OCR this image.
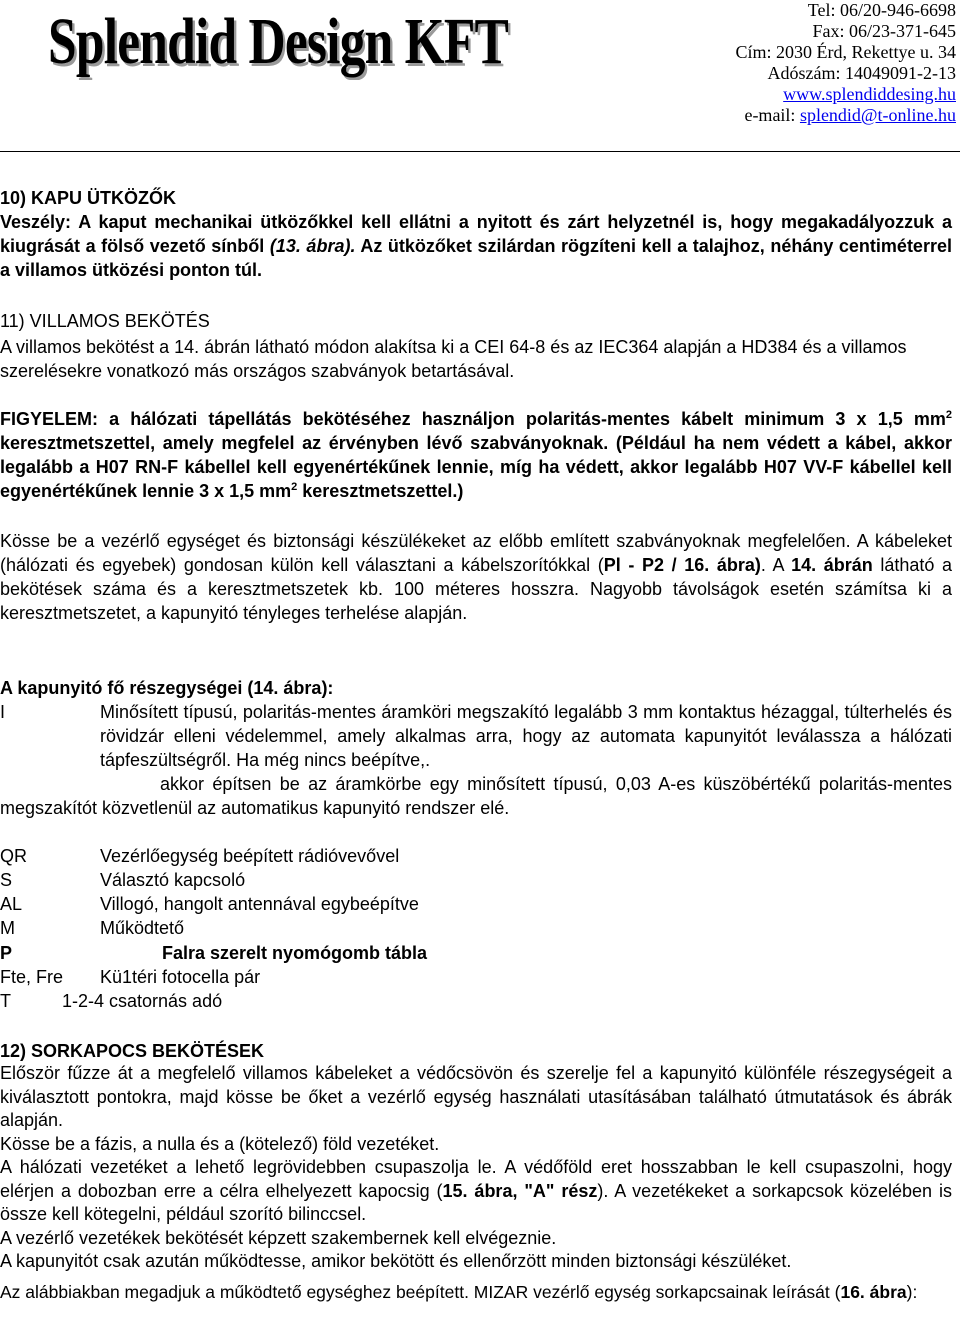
Splendid Design KFT	Tel: 06/20-946-6698
Fax: 06/23-371-645
Cím: 2030 Érd, Rekettye u. 34
Adószám: 14049091-2-13
www.splendiddesing.hu
e-mail: splendid@t-online.hu
10) KAPU ÜTKÖZŐK
Veszély: A kaput mechanikai ütközőkkel kell ellátni a nyitott és zárt helyzetnél is, hogy megakadályozzuk a kiugrását a fölső vezető sínből (13. ábra). Az ütközőket szilárdan rögzíteni kell a talajhoz, néhány centiméterrel a villamos ütközési ponton túl.
11) VILLAMOS BEKÖTÉS
A villamos bekötést a 14. ábrán látható módon alakítsa ki a CEI 64-8 és az IEC364 alapján a HD384 és a villamos szerelésekre vonatkozó más országos szabványok betartásával.
FIGYELEM: a hálózati tápellátás bekötéséhez használjon polaritás-mentes kábelt minimum 3 x 1,5 $mm^2$ keresztmetszettel, amely megfelel az érvényben lévő szabványoknak. (Például ha nem védett a kábel, akkor legalább a H07 RN-F kábellel kell egyenértékűnek lennie, míg ha védett, akkor legalább H07 VV-F kábellel kell egyenértékűnek lennie 3 x 1,5 $mm^2$ keresztmetszettel.)
Kösse be a vezérlő egységet és biztonsági készülékeket az előbb említett szabványoknak megfelelően. A kábeleket (hálózati és egyebek) gondosan külön kell választani a kábelszorítókkal (Pl - P2 / 16. ábra). A 14. ábrán látható a bekötések száma és a keresztmetszetek kb. 100 méteres hosszra. Nagyobb távolságok esetén számítsa ki a keresztmetszetet, a kapunyitó tényleges terhelése alapján.
A kapunyitó fő részegységei (14. ábra):
I	Minősített típusú, polaritás-mentes áramköri megszakító legalább 3 mm kontaktus hézaggal, túlterhelés és rövidzár elleni védelemmel, amely alkalmas arra, hogy az automata kapunyitót leválassza a hálózati tápfeszültségről. Ha még nincs beépítve,.
akkor építsen be az áramkörbe egy minősített típusú, 0,03 A-es küszöbértékű polaritás-mentes megszakítót közvetlenül az automatikus kapunyitó rendszer elé.
QR	Vezérlőegység beépített rádióvevővel
S	Választó kapcsoló
AL	Villogó, hangolt antennával egybeépítve
M	Működtető
P	Falra szerelt nyomógomb tábla
Fte, Fre Kü1téri fotocella pár
T	1-2-4 csatornás adó
12) SORKAPOCS BEKÖTÉSEK

Először fűzze át a megfelelő villamos kábeleket a védőcsövön és szerelje fel a kapunyitó különféle részegységeit a kiválasztott pontokra, majd kösse be őket a vezérlő egység használati utasításában található útmutatások és ábrák alapján.

Kösse be a fázis, a nulla és a (kötelező) föld vezetéket.

A hálózati vezetéket a lehető legrövidebben csupaszolja le. A védőföld eret hosszabban le kell csupaszolni, hogy elérjen a dobozban erre a célra elhelyezett kapocsig (15. ábra, "A" rész). A vezetékeket a sorkapcsok közelében is össze kell kötegelni, például szorító bilinccsel.

A vezérlő vezetékek bekötését képzett szakembernek kell elvégeznie.

A kapunyitót csak azután működtesse, amikor bekötött és ellenőrzött minden biztonsági készüléket.

Az alábbiakban megadjuk a működtető egységhez beépített. MIZAR vezérlő egység sorkapcsainak leírását (16. ábra):
